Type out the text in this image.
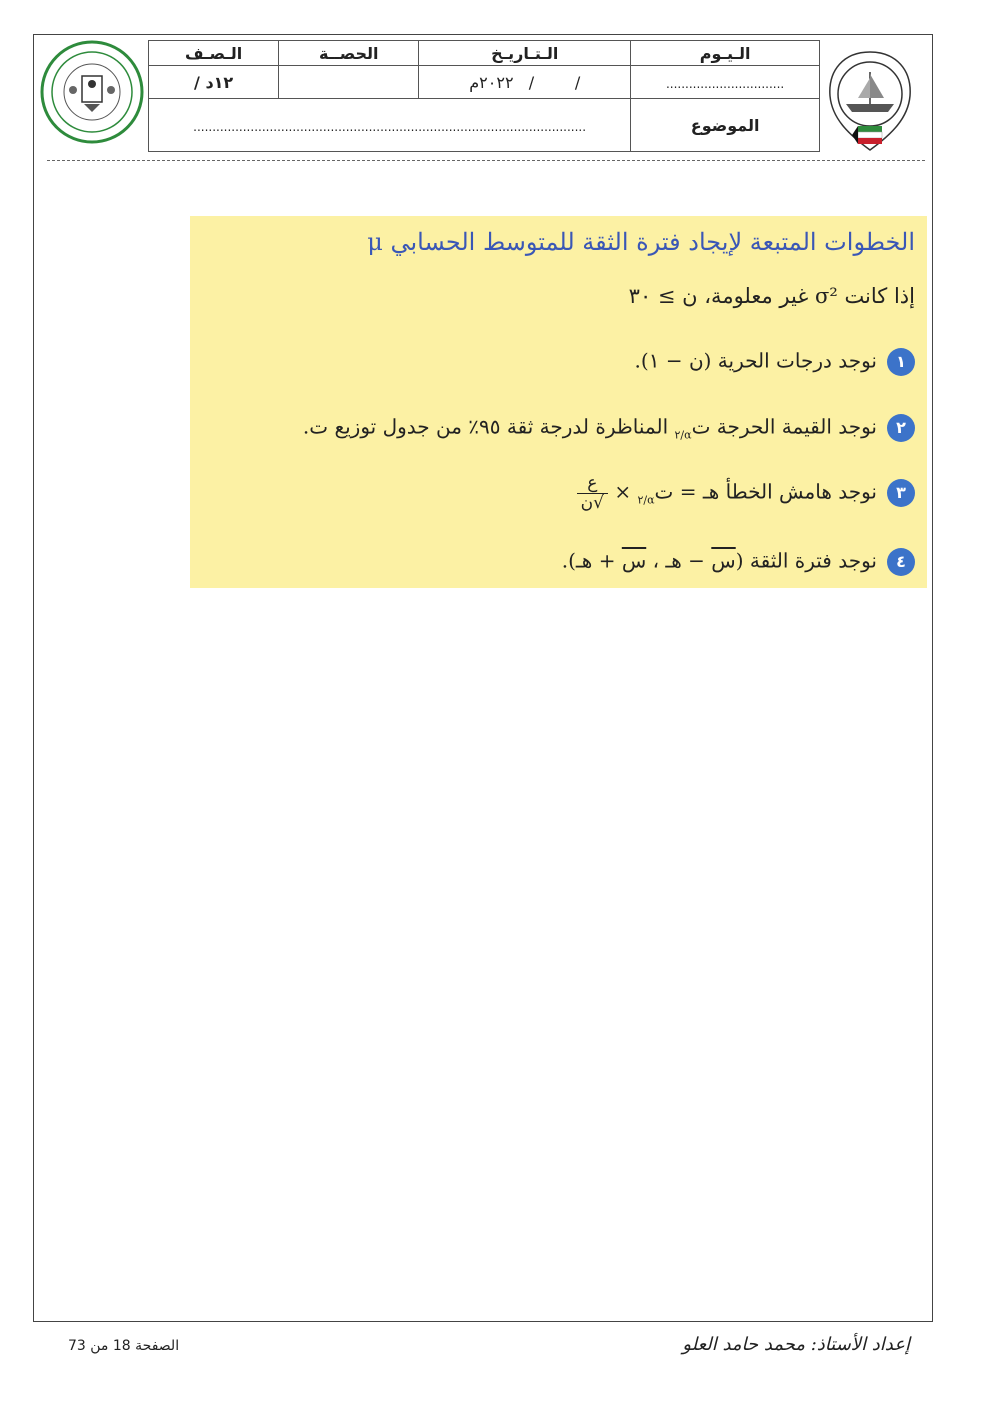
الـيـوم	الـتـاريـخ	الحصــة	الـصـف
...............................	/        /   ٢٠٢٢م		١٢د /
الموضوع	.......................................................................................................		
الخطوات المتبعة لإيجاد فترة الثقة للمتوسط الحسابي μ
إذا كانت σ² غير معلومة، ن ≥ ٣٠
١نوجد درجات الحرية (ن − ١).
٢نوجد القيمة الحرجة ت$_{\alpha/٢}$ المناظرة لدرجة ثقة ٩٥٪ من جدول توزيع ت.
٣نوجد هامش الخطأ هـ = ت$_{\alpha/٢}$ ×
$\frac{\text{ع}}{\text{√ن}}$
٤نوجد فترة الثقة (س − هـ ، س + هـ).
الصفحة 18 من 73	إعداد الأستاذ: محمد حامد العلو
